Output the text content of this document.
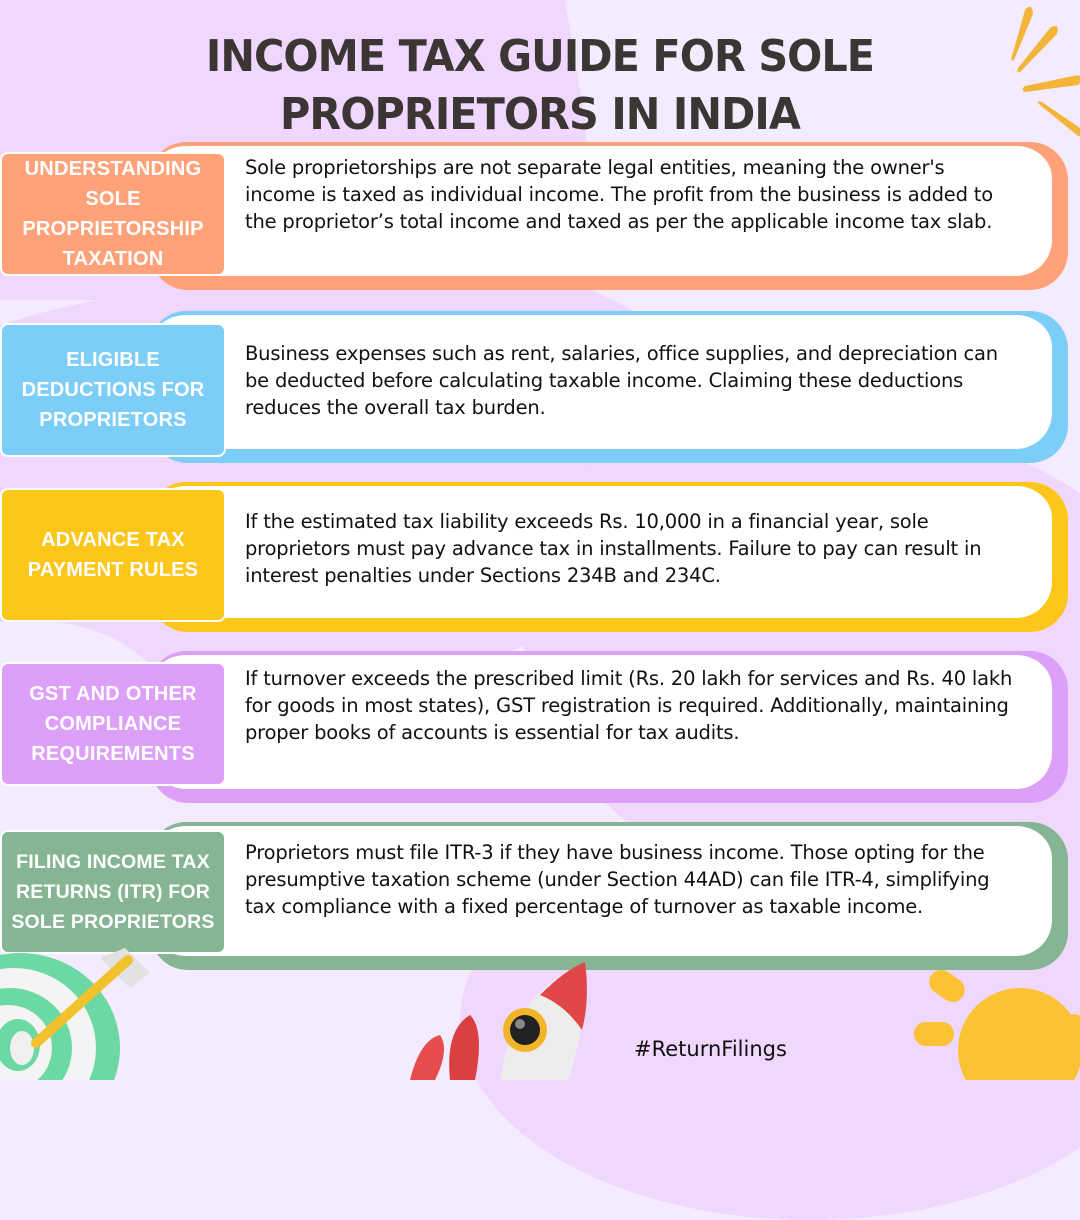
INCOME TAX GUIDE FOR SOLE
PROPRIETORS IN INDIA
UNDERSTANDING SOLE PROPRIETORSHIP TAXATION
Sole proprietorships are not separate legal entities, meaning the owner's income is taxed as individual income. The profit from the business is added to the proprietor’s total income and taxed as per the applicable income tax slab.
ELIGIBLE DEDUCTIONS FOR PROPRIETORS
Business expenses such as rent, salaries, office supplies, and depreciation can be deducted before calculating taxable income. Claiming these deductions reduces the overall tax burden.
ADVANCE TAX PAYMENT RULES
If the estimated tax liability exceeds Rs. 10,000 in a financial year, sole proprietors must pay advance tax in installments. Failure to pay can result in interest penalties under Sections 234B and 234C.
GST AND OTHER COMPLIANCE REQUIREMENTS
If turnover exceeds the prescribed limit (Rs. 20 lakh for services and Rs. 40 lakh for goods in most states), GST registration is required. Additionally, maintaining proper books of accounts is essential for tax audits.
FILING INCOME TAX RETURNS (ITR) FOR SOLE PROPRIETORS
Proprietors must file ITR-3 if they have business income. Those opting for the presumptive taxation scheme (under Section 44AD) can file ITR-4, simplifying tax compliance with a fixed percentage of turnover as taxable income.
#ReturnFilings
